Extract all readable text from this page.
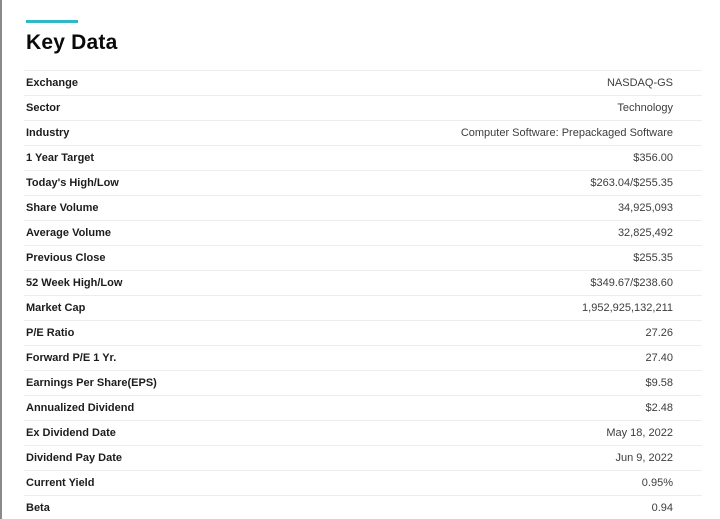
Key Data
Exchange	NASDAQ-GS
Sector	Technology
Industry	Computer Software: Prepackaged Software
1 Year Target	$356.00
Today's High/Low	$263.04/$255.35
Share Volume	34,925,093
Average Volume	32,825,492
Previous Close	$255.35
52 Week High/Low	$349.67/$238.60
Market Cap	1,952,925,132,211
P/E Ratio	27.26
Forward P/E 1 Yr.	27.40
Earnings Per Share(EPS)	$9.58
Annualized Dividend	$2.48
Ex Dividend Date	May 18, 2022
Dividend Pay Date	Jun 9, 2022
Current Yield	0.95%
Beta	0.94
